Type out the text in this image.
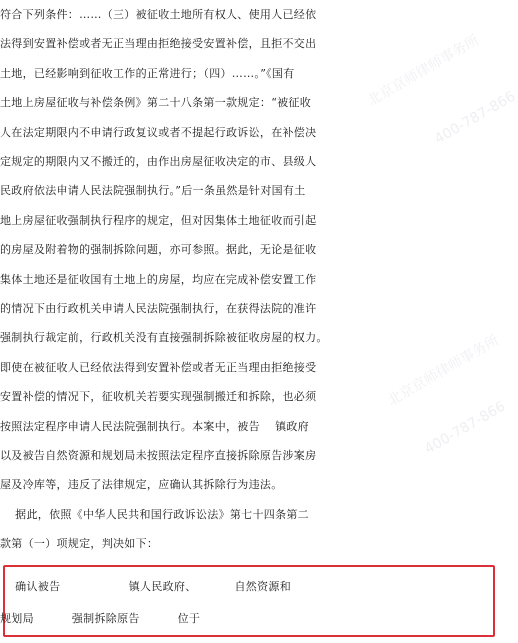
符合下列条件：……（三）被征收土地所有权人、使用人已经依
法得到安置补偿或者无正当理由拒绝接受安置补偿，且拒不交出
土地，已经影响到征收工作的正常进行；（四）……。”《国有
土地上房屋征收与补偿条例》第二十八条第一款规定：“被征收
人在法定期限内不申请行政复议或者不提起行政诉讼，在补偿决
定规定的期限内又不搬迁的，由作出房屋征收决定的市、县级人
民政府依法申请人民法院强制执行。”后一条虽然是针对国有土
地上房屋征收强制执行程序的规定，但对因集体土地征收而引起
的房屋及附着物的强制拆除问题，亦可参照。据此，无论是征收
集体土地还是征收国有土地上的房屋，均应在完成补偿安置工作
的情况下由行政机关申请人民法院强制执行，在获得法院的准许
强制执行裁定前，行政机关没有直接强制拆除被征收房屋的权力。
即使在被征收人已经依法得到安置补偿或者无正当理由拒绝接受
安置补偿的情况下，征收机关若要实现强制搬迁和拆除，也必须
按照法定程序申请人民法院强制执行。本案中，被告    镇政府
以及被告自然资源和规划局未按照法定程序直接拆除原告涉案房
屋及冷库等，违反了法律规定，应确认其拆除行为违法。
据此，依照《中华人民共和国行政诉讼法》第七十四条第二
款第（一）项规定，判决如下：
确认被告                  镇人民政府、          自然资源和
规划局          强制拆除原告          位于
北京京师律师事务所
北京京师律师事务所
400-787-866
400-787-866
